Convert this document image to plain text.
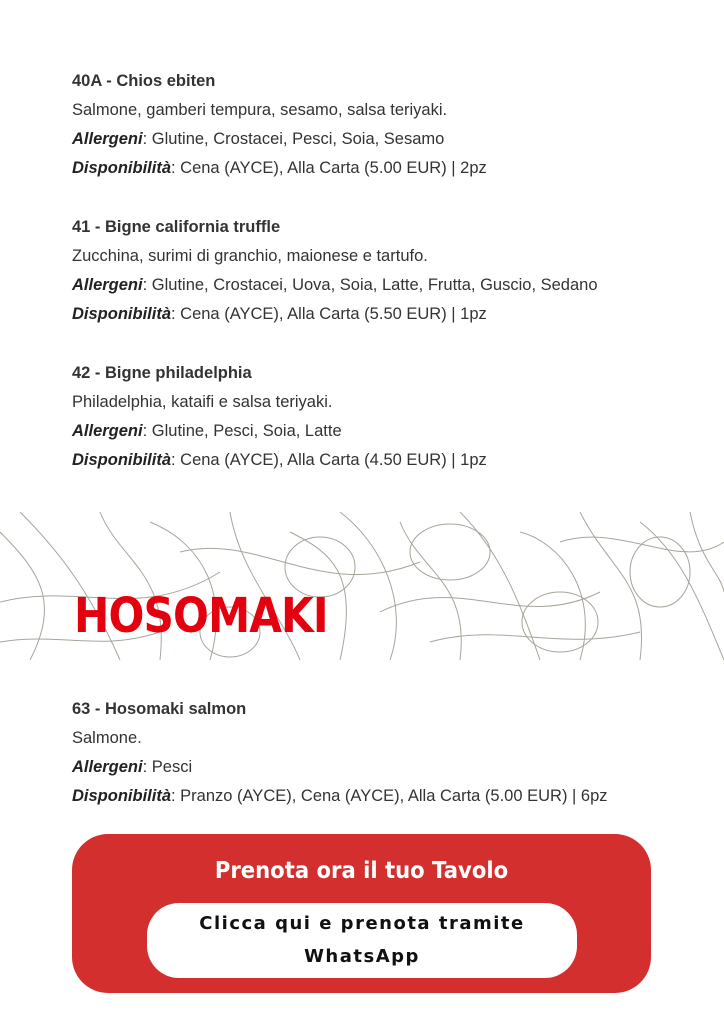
40A - Chios ebiten
Salmone, gamberi tempura, sesamo, salsa teriyaki.
Allergeni: Glutine, Crostacei, Pesci, Soia, Sesamo
Disponibilità: Cena (AYCE), Alla Carta (5.00 EUR) | 2pz
41 - Bigne california truffle
Zucchina, surimi di granchio, maionese e tartufo.
Allergeni: Glutine, Crostacei, Uova, Soia, Latte, Frutta, Guscio, Sedano
Disponibilità: Cena (AYCE), Alla Carta (5.50 EUR) | 1pz
42 - Bigne philadelphia
Philadelphia, kataifi e salsa teriyaki.
Allergeni: Glutine, Pesci, Soia, Latte
Disponibilità: Cena (AYCE), Alla Carta (4.50 EUR) | 1pz
HOSOMAKI
63 - Hosomaki salmon
Salmone.
Allergeni: Pesci
Disponibilità: Pranzo (AYCE), Cena (AYCE), Alla Carta (5.00 EUR) | 6pz
Prenota ora il tuo Tavolo
Clicca qui e prenota tramite WhatsApp
